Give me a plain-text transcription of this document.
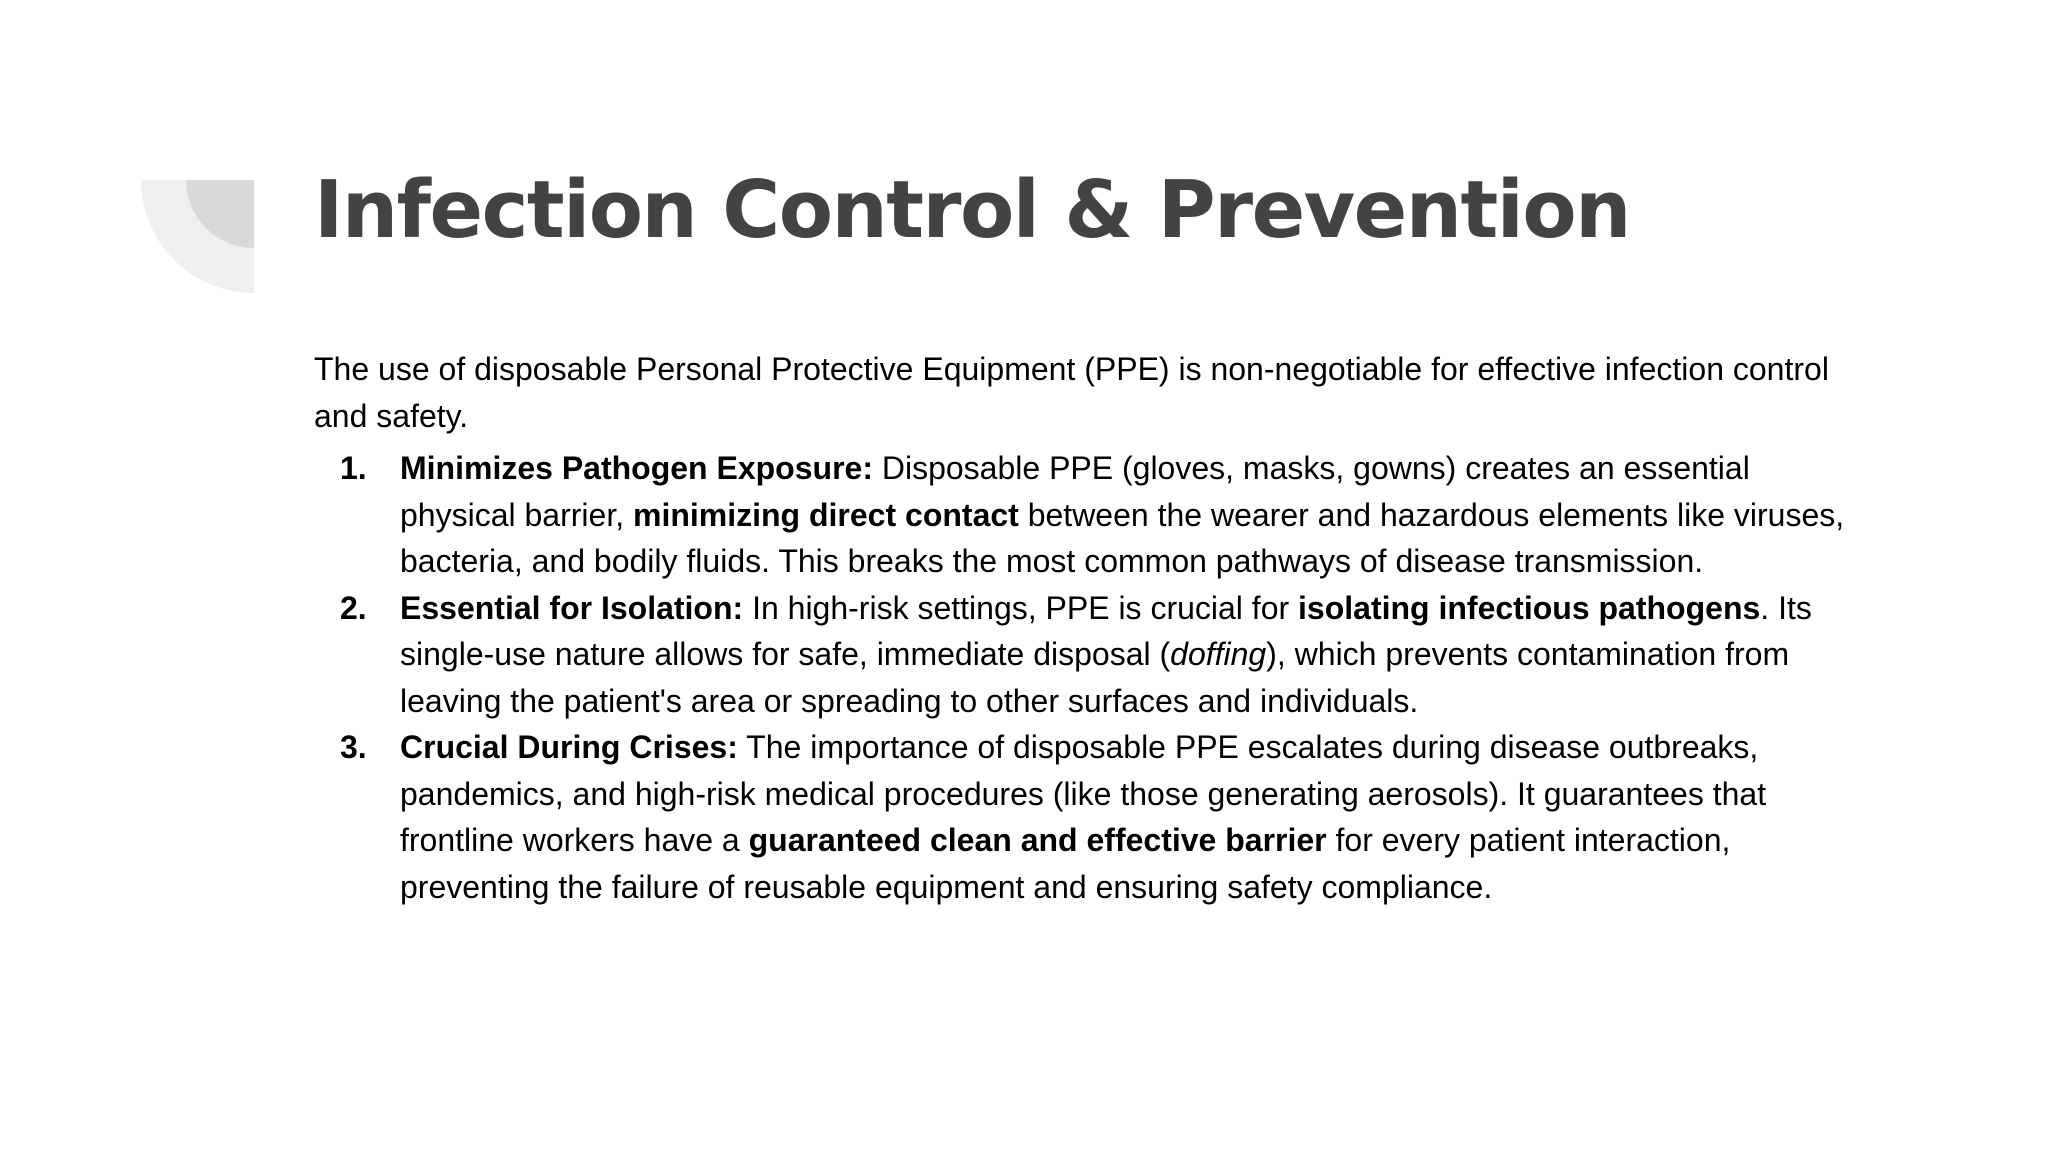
Infection Control & Prevention

The use of disposable Personal Protective Equipment (PPE) is non-negotiable for effective infection control and safety.

1. Minimizes Pathogen Exposure: Disposable PPE (gloves, masks, gowns) creates an essential physical barrier, minimizing direct contact between the wearer and hazardous elements like viruses, bacteria, and bodily fluids. This breaks the most common pathways of disease transmission.
2. Essential for Isolation: In high-risk settings, PPE is crucial for isolating infectious pathogens. Its single-use nature allows for safe, immediate disposal (doffing), which prevents contamination from leaving the patient's area or spreading to other surfaces and individuals.
3. Crucial During Crises: The importance of disposable PPE escalates during disease outbreaks, pandemics, and high-risk medical procedures (like those generating aerosols). It guarantees that frontline workers have a guaranteed clean and effective barrier for every patient interaction, preventing the failure of reusable equipment and ensuring safety compliance.
